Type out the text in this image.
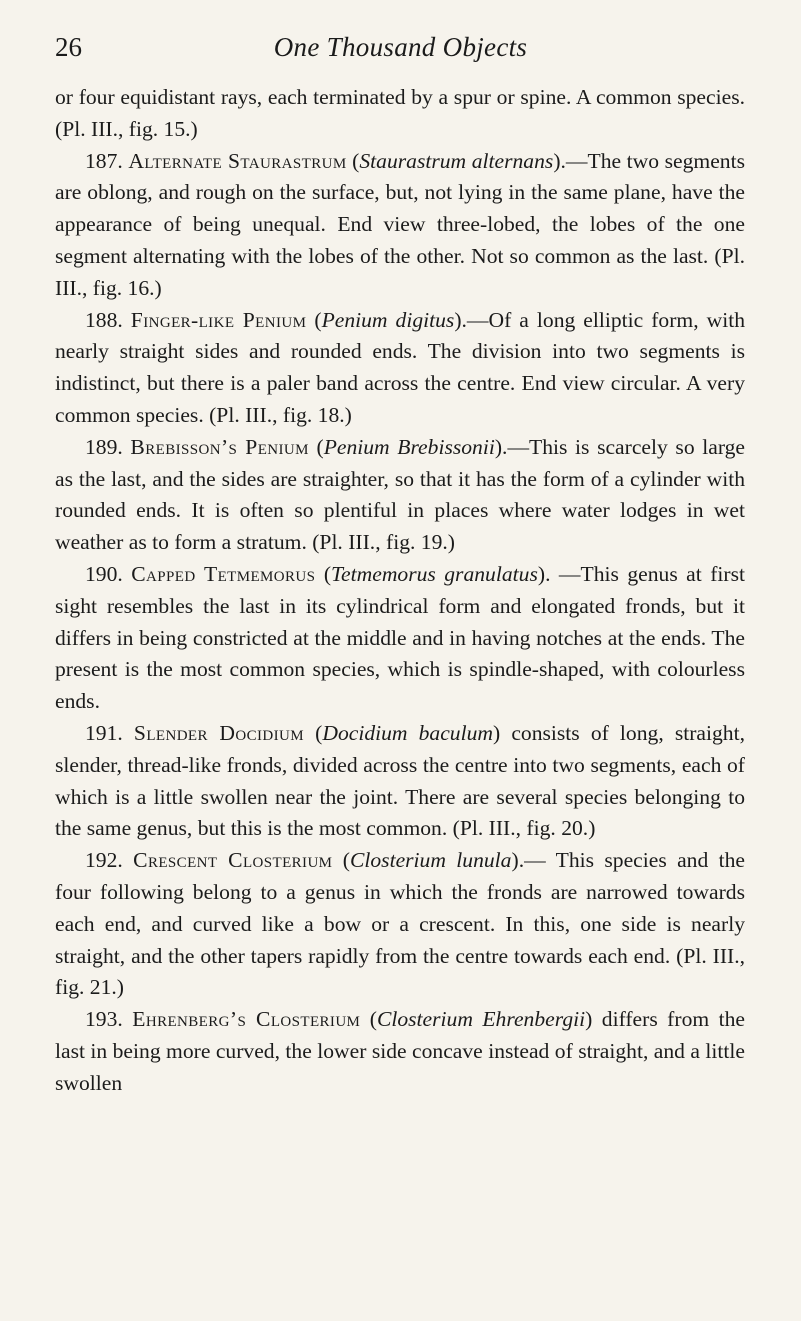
26	One Thousand Objects

or four equidistant rays, each terminated by a spur or spine. A common species. (Pl. III., fig. 15.)

187. Alternate Staurastrum (Staurastrum alternans).—The two segments are oblong, and rough on the surface, but, not lying in the same plane, have the appearance of being unequal. End view three-lobed, the lobes of the one segment alternating with the lobes of the other. Not so common as the last. (Pl. III., fig. 16.)

188. Finger-like Penium (Penium digitus).—Of a long elliptic form, with nearly straight sides and rounded ends. The division into two segments is indistinct, but there is a paler band across the centre. End view circular. A very common species. (Pl. III., fig. 18.)

189. Brebisson’s Penium (Penium Brebissonii).—This is scarcely so large as the last, and the sides are straighter, so that it has the form of a cylinder with rounded ends. It is often so plentiful in places where water lodges in wet weather as to form a stratum. (Pl. III., fig. 19.)

190. Capped Tetmemorus (Tetmemorus granulatus). —This genus at first sight resembles the last in its cylindrical form and elongated fronds, but it differs in being constricted at the middle and in having notches at the ends. The present is the most common species, which is spindle-shaped, with colourless ends.

191. Slender Docidium (Docidium baculum) consists of long, straight, slender, thread-like fronds, divided across the centre into two segments, each of which is a little swollen near the joint. There are several species belonging to the same genus, but this is the most common. (Pl. III., fig. 20.)

192. Crescent Closterium (Closterium lunula).— This species and the four following belong to a genus in which the fronds are narrowed towards each end, and curved like a bow or a crescent. In this, one side is nearly straight, and the other tapers rapidly from the centre towards each end. (Pl. III., fig. 21.)

193. Ehrenberg’s Closterium (Closterium Ehrenbergii) differs from the last in being more curved, the lower side concave instead of straight, and a little swollen
